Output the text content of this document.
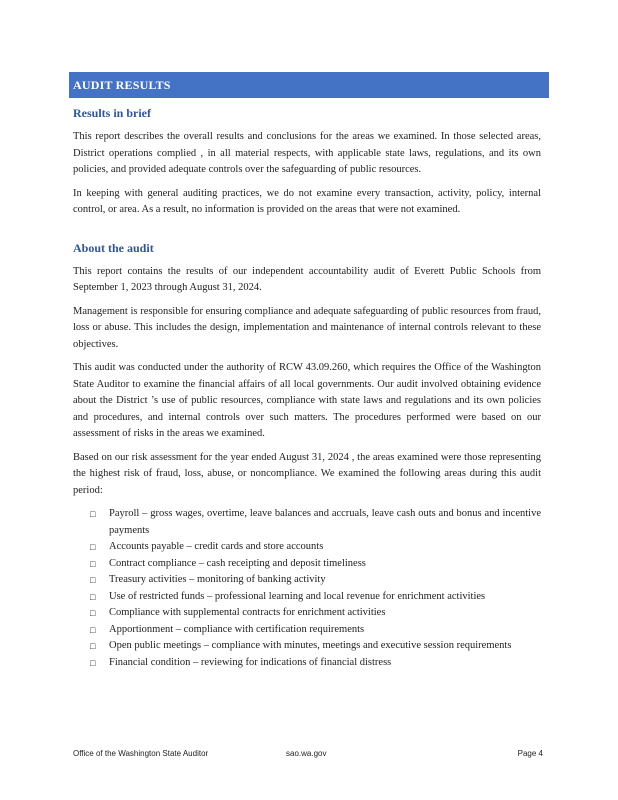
AUDIT RESULTS
Results in brief

This report describes the overall results and conclusions for the areas we examined. In those selected areas, District operations complied , in all material respects, with applicable state laws, regulations, and its own policies, and provided adequate controls over the safeguarding of public resources.

In keeping with general auditing practices, we do not examine every transaction, activity, policy, internal control, or area. As a result, no information is provided on the areas that were not examined.

About the audit

This report contains the results of our independent accountability audit of Everett Public Schools from September 1, 2023 through August 31, 2024.

Management is responsible for ensuring compliance and adequate safeguarding of public resources from fraud, loss or abuse. This includes the design, implementation and maintenance of internal controls relevant to these objectives.

This audit was conducted under the authority of RCW 43.09.260, which requires the Office of the Washington State Auditor to examine the financial affairs of all local governments. Our audit involved obtaining evidence about the District ’s use of public resources, compliance with state laws and regulations and its own policies and procedures, and internal controls over such matters. The procedures performed were based on our assessment of risks in the areas we examined.

Based on our risk assessment for the year ended August 31, 2024 , the areas examined were those representing the highest risk of fraud, loss, abuse, or noncompliance. We examined the following areas during this audit period:

□ Payroll – gross wages, overtime, leave balances and accruals, leave cash outs and bonus and incentive payments
□ Accounts payable – credit cards and store accounts
□ Contract compliance – cash receipting and deposit timeliness
□ Treasury activities – monitoring of banking activity
□ Use of restricted funds – professional learning and local revenue for enrichment activities
□ Compliance with supplemental contracts for enrichment activities
□ Apportionment – compliance with certification requirements
□ Open public meetings – compliance with minutes, meetings and executive session requirements
□ Financial condition – reviewing for indications of financial distress
Office of the Washington State Auditor	sao.wa.gov	Page 4
